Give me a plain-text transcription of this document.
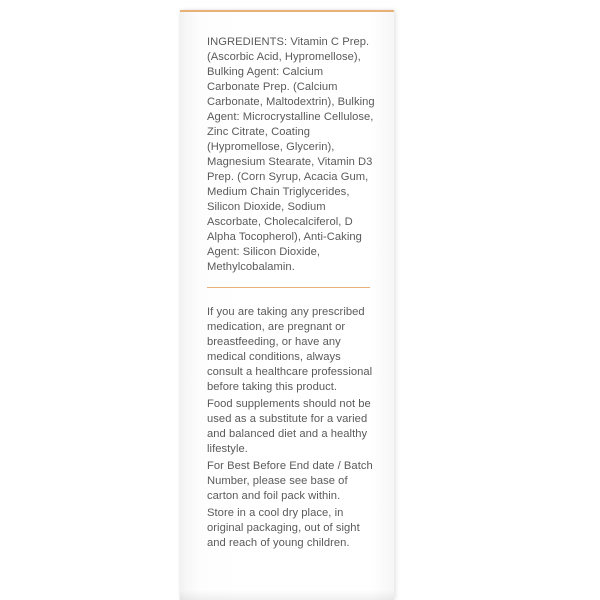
INGREDIENTS: Vitamin C Prep. (Ascorbic Acid, Hypromellose), Bulking Agent: Calcium Carbonate Prep. (Calcium Carbonate, Maltodextrin), Bulking Agent: Microcrystalline Cellulose, Zinc Citrate, Coating (Hypromellose, Glycerin), Magnesium Stearate, Vitamin D3 Prep. (Corn Syrup, Acacia Gum, Medium Chain Triglycerides, Silicon Dioxide, Sodium Ascorbate, Cholecalciferol, D Alpha Tocopherol), Anti-Caking Agent: Silicon Dioxide, Methylcobalamin.

If you are taking any prescribed medication, are pregnant or breastfeeding, or have any medical conditions, always consult a healthcare professional before taking this product.

Food supplements should not be used as a substitute for a varied and balanced diet and a healthy lifestyle.

For Best Before End date / Batch Number, please see base of carton and foil pack within.

Store in a cool dry place, in original packaging, out of sight and reach of young children.
